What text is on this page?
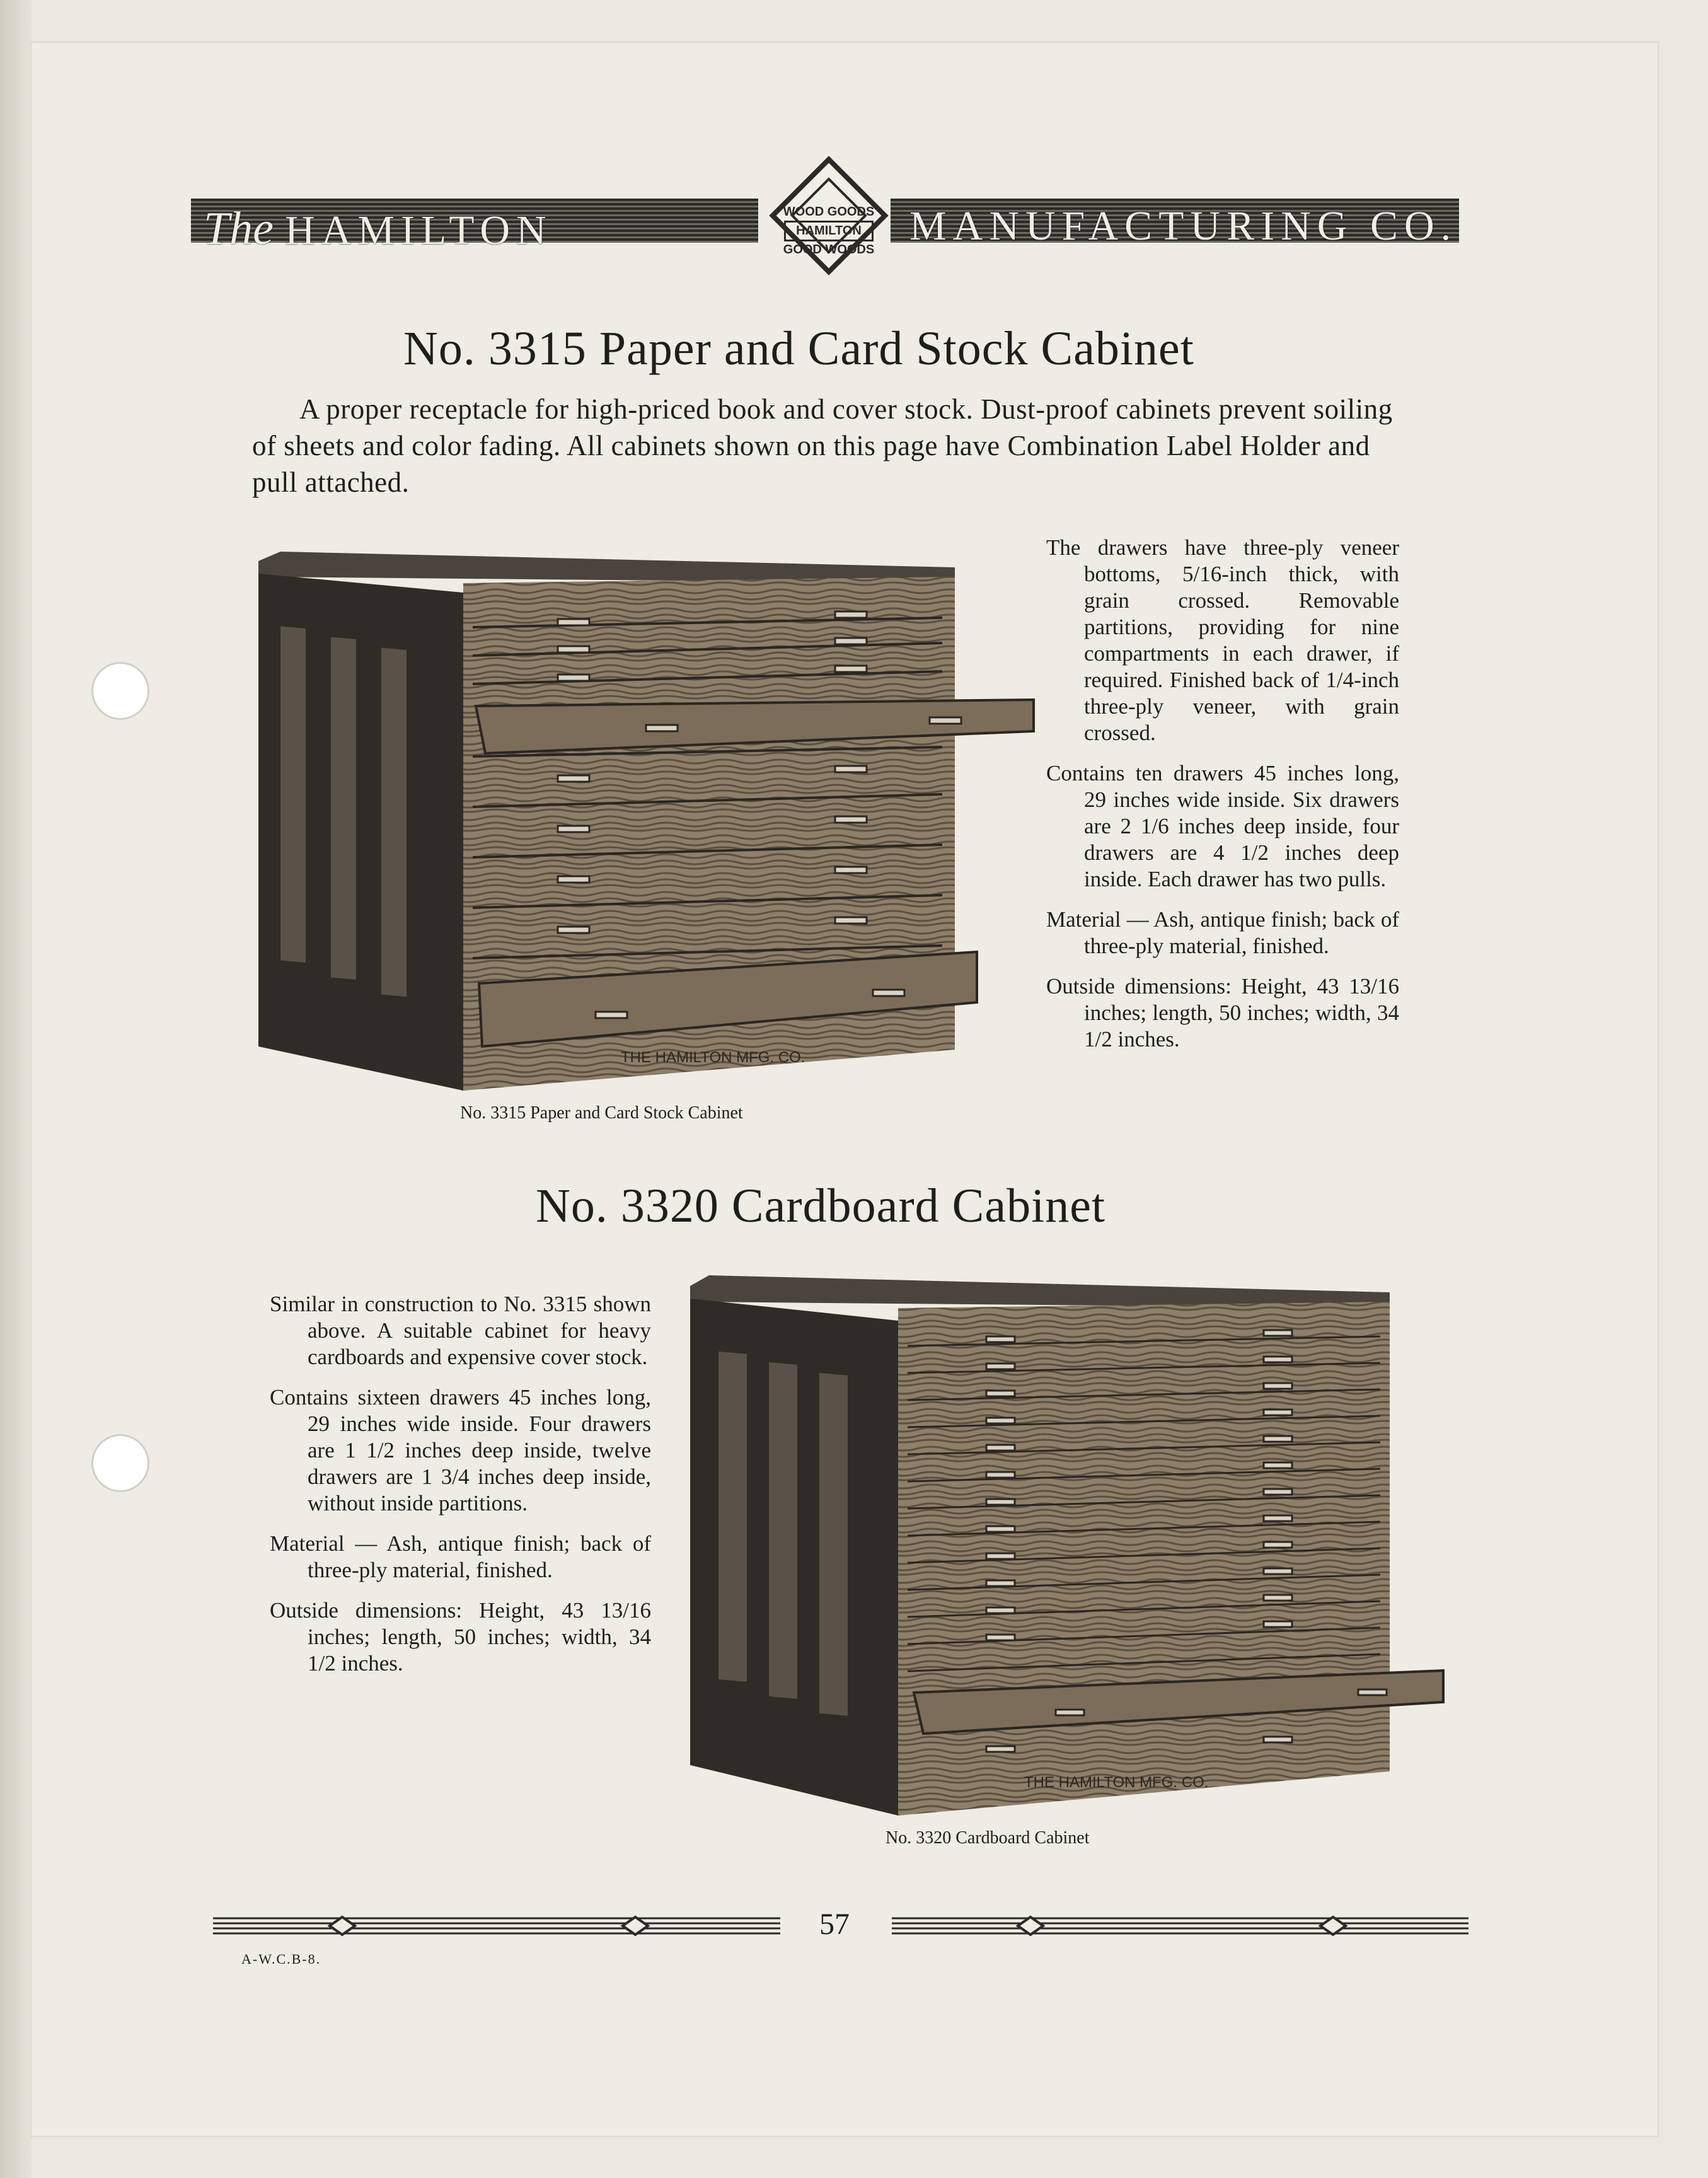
The HAMILTON	WOOD GOODS
HAMILTON
GOOD WOODS
MANUFACTURING CO.
No. 3315 Paper and Card Stock Cabinet

A proper receptacle for high-priced book and cover stock. Dust-proof cabinets prevent soiling of sheets and color fading. All cabinets shown on this page have Combination Label Holder and pull attached.

THE HAMILTON MFG. CO.

The drawers have three-ply veneer bottoms, 5/16-inch thick, with grain crossed. Removable partitions, providing for nine compartments in each drawer, if required. Finished back of 1/4-inch three-ply veneer, with grain crossed.

Contains ten drawers 45 inches long, 29 inches wide inside. Six drawers are 2 1/6 inches deep inside, four drawers are 4 1/2 inches deep inside. Each drawer has two pulls.

Material — Ash, antique finish; back of three-ply material, finished.

Outside dimensions: Height, 43 13/16 inches; length, 50 inches; width, 34 1/2 inches.

No. 3315 Paper and Card Stock Cabinet
No. 3320 Cardboard Cabinet

Similar in construction to No. 3315 shown above. A suitable cabinet for heavy cardboards and expensive cover stock.

Contains sixteen drawers 45 inches long, 29 inches wide inside. Four drawers are 1 1/2 inches deep inside, twelve drawers are 1 3/4 inches deep inside, without inside partitions.

Material — Ash, antique finish; back of three-ply material, finished.

Outside dimensions: Height, 43 13/16 inches; length, 50 inches; width, 34 1/2 inches.

THE HAMILTON MFG. CO.
No. 3320 Cardboard Cabinet
57
A-W.C.B-8.
